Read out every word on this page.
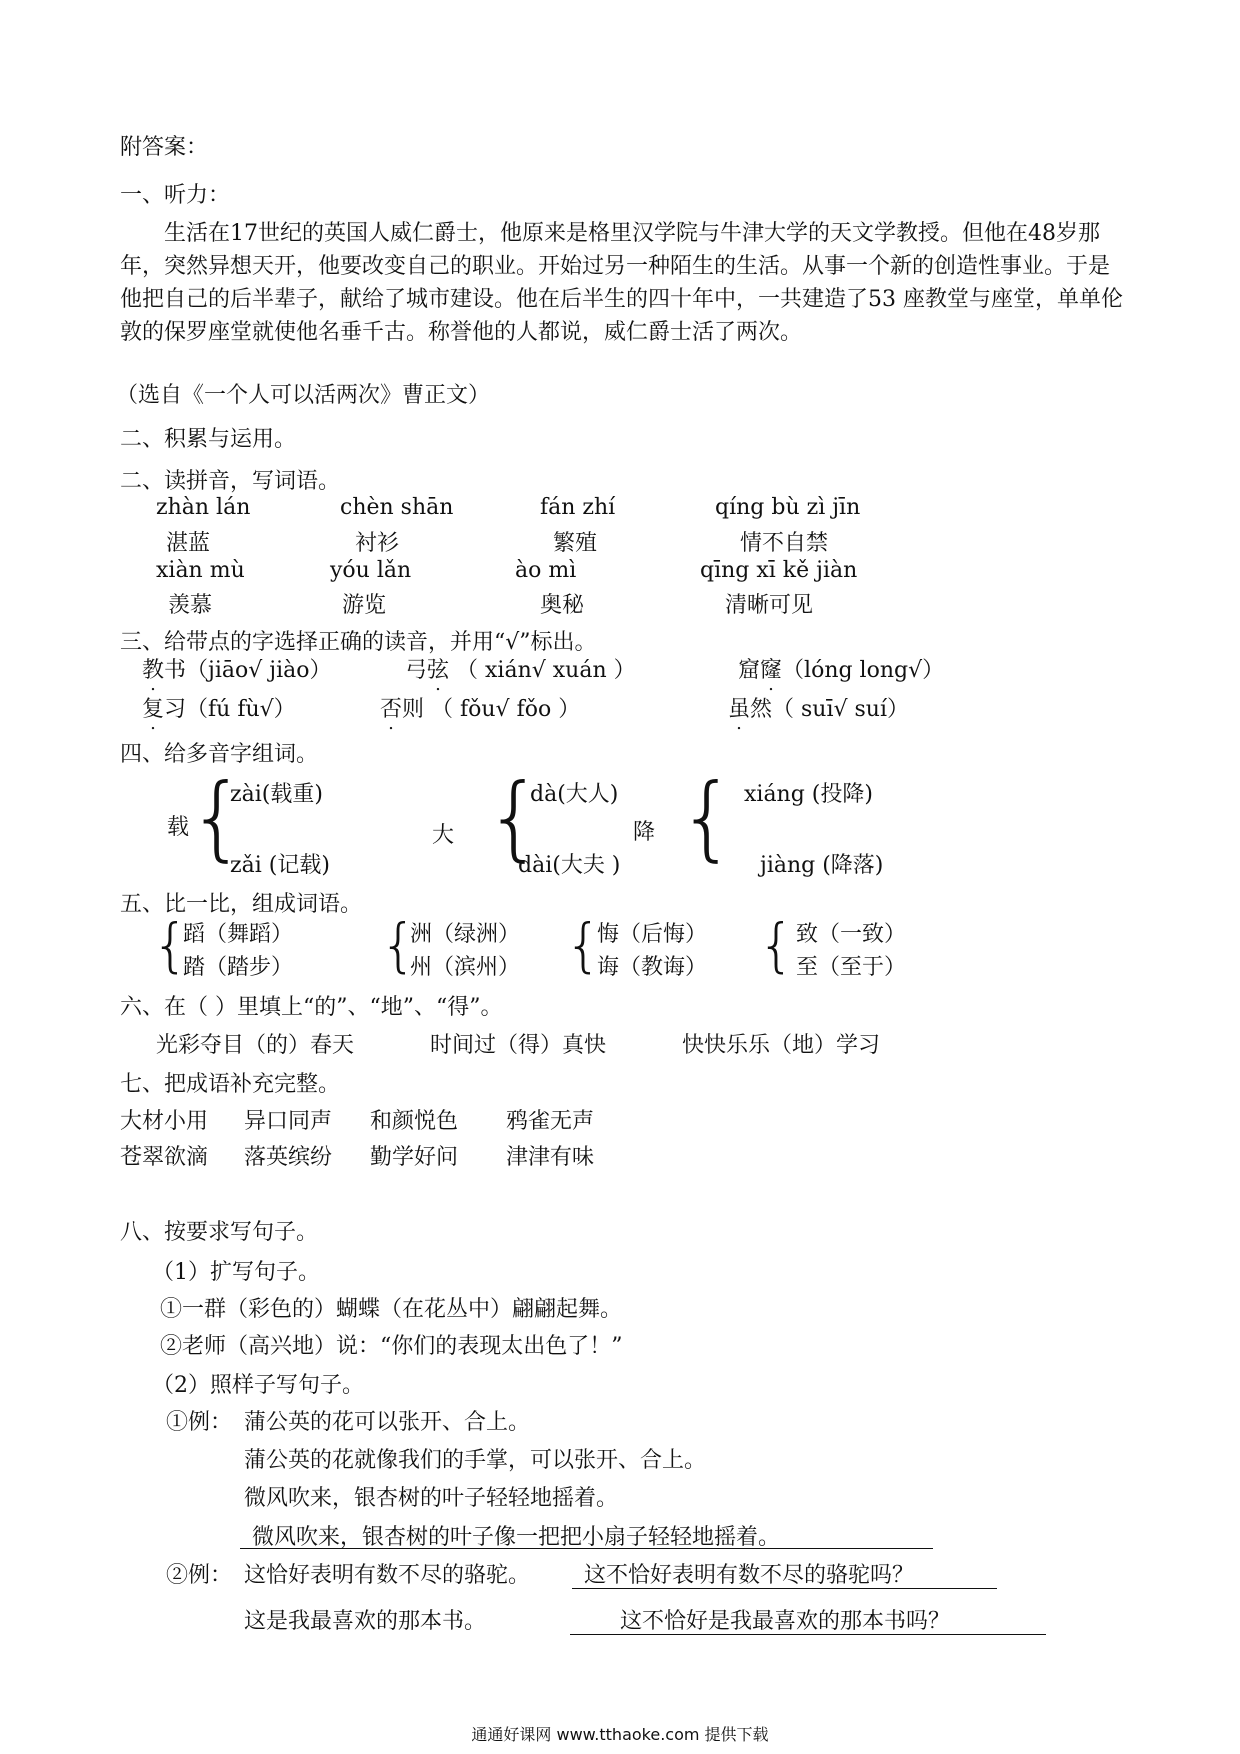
附答案：
一、听力：
生活在17世纪的英国人威仁爵士，他原来是格里汉学院与牛津大学的天文学教授。但他在48岁那年，突然异想天开，他要改变自己的职业。开始过另一种陌生的生活。从事一个新的创造性事业。于是他把自己的后半辈子，献给了城市建设。他在后半生的四十年中，一共建造了53 座教堂与座堂，单单伦敦的保罗座堂就使他名垂千古。称誉他的人都说，威仁爵士活了两次。
（选自《一个人可以活两次》曹正文）
二、积累与运用。
二、读拼音，写词语。
zhàn lán	chèn shān	fán zhí	qíng bù zì jīn
湛蓝	衬衫	繁殖	情不自禁
xiàn mù	yóu lǎn	ào mì	qīng xī kě jiàn
羡慕	游览	奥秘	清晰可见
三、给带点的字选择正确的读音，并用“√”标出。
教书（jiāo√ jiào）	弓弦 （ xián√ xuán ）	窟窿（lóng long√）
复习（fú fù√）	否则 （ fǒu√ fǒo ）	虽然（ suī√ suí）
四、给多音字组词。
载
{
zài(载重)
zǎi (记载)
大 {
dà(大人)
dài(大夫 )
降 { xiáng (投降)
jiàng (降落)
五、比一比，组成词语。
{
蹈（舞蹈）
踏（踏步） {
洲（绿洲）
州（滨州） {
悔（后悔）
诲（教诲） { 致（一致）
至（至于）
六、在（ ）里填上“的”、“地”、“得”。
光彩夺目（的）春天	时间过（得）真快	快快乐乐（地）学习
七、把成语补充完整。
大材小用 异口同声 和颜悦色 鸦雀无声
苍翠欲滴 落英缤纷 勤学好问 津津有味
八、按要求写句子。
（1）扩写句子。
①一群（彩色的）蝴蝶（在花丛中）翩翩起舞。
②老师（高兴地）说：“你们的表现太出色了！”
（2）照样子写句子。
①例： 蒲公英的花可以张开、合上。
蒲公英的花就像我们的手掌，可以张开、合上。
微风吹来，银杏树的叶子轻轻地摇着。
微风吹来，银杏树的叶子像一把把小扇子轻轻地摇着。
②例： 这恰好表明有数不尽的骆驼。 这不恰好表明有数不尽的骆驼吗？
这是我最喜欢的那本书。	这不恰好是我最喜欢的那本书吗？
通通好课网 www.tthaoke.com 提供下载
